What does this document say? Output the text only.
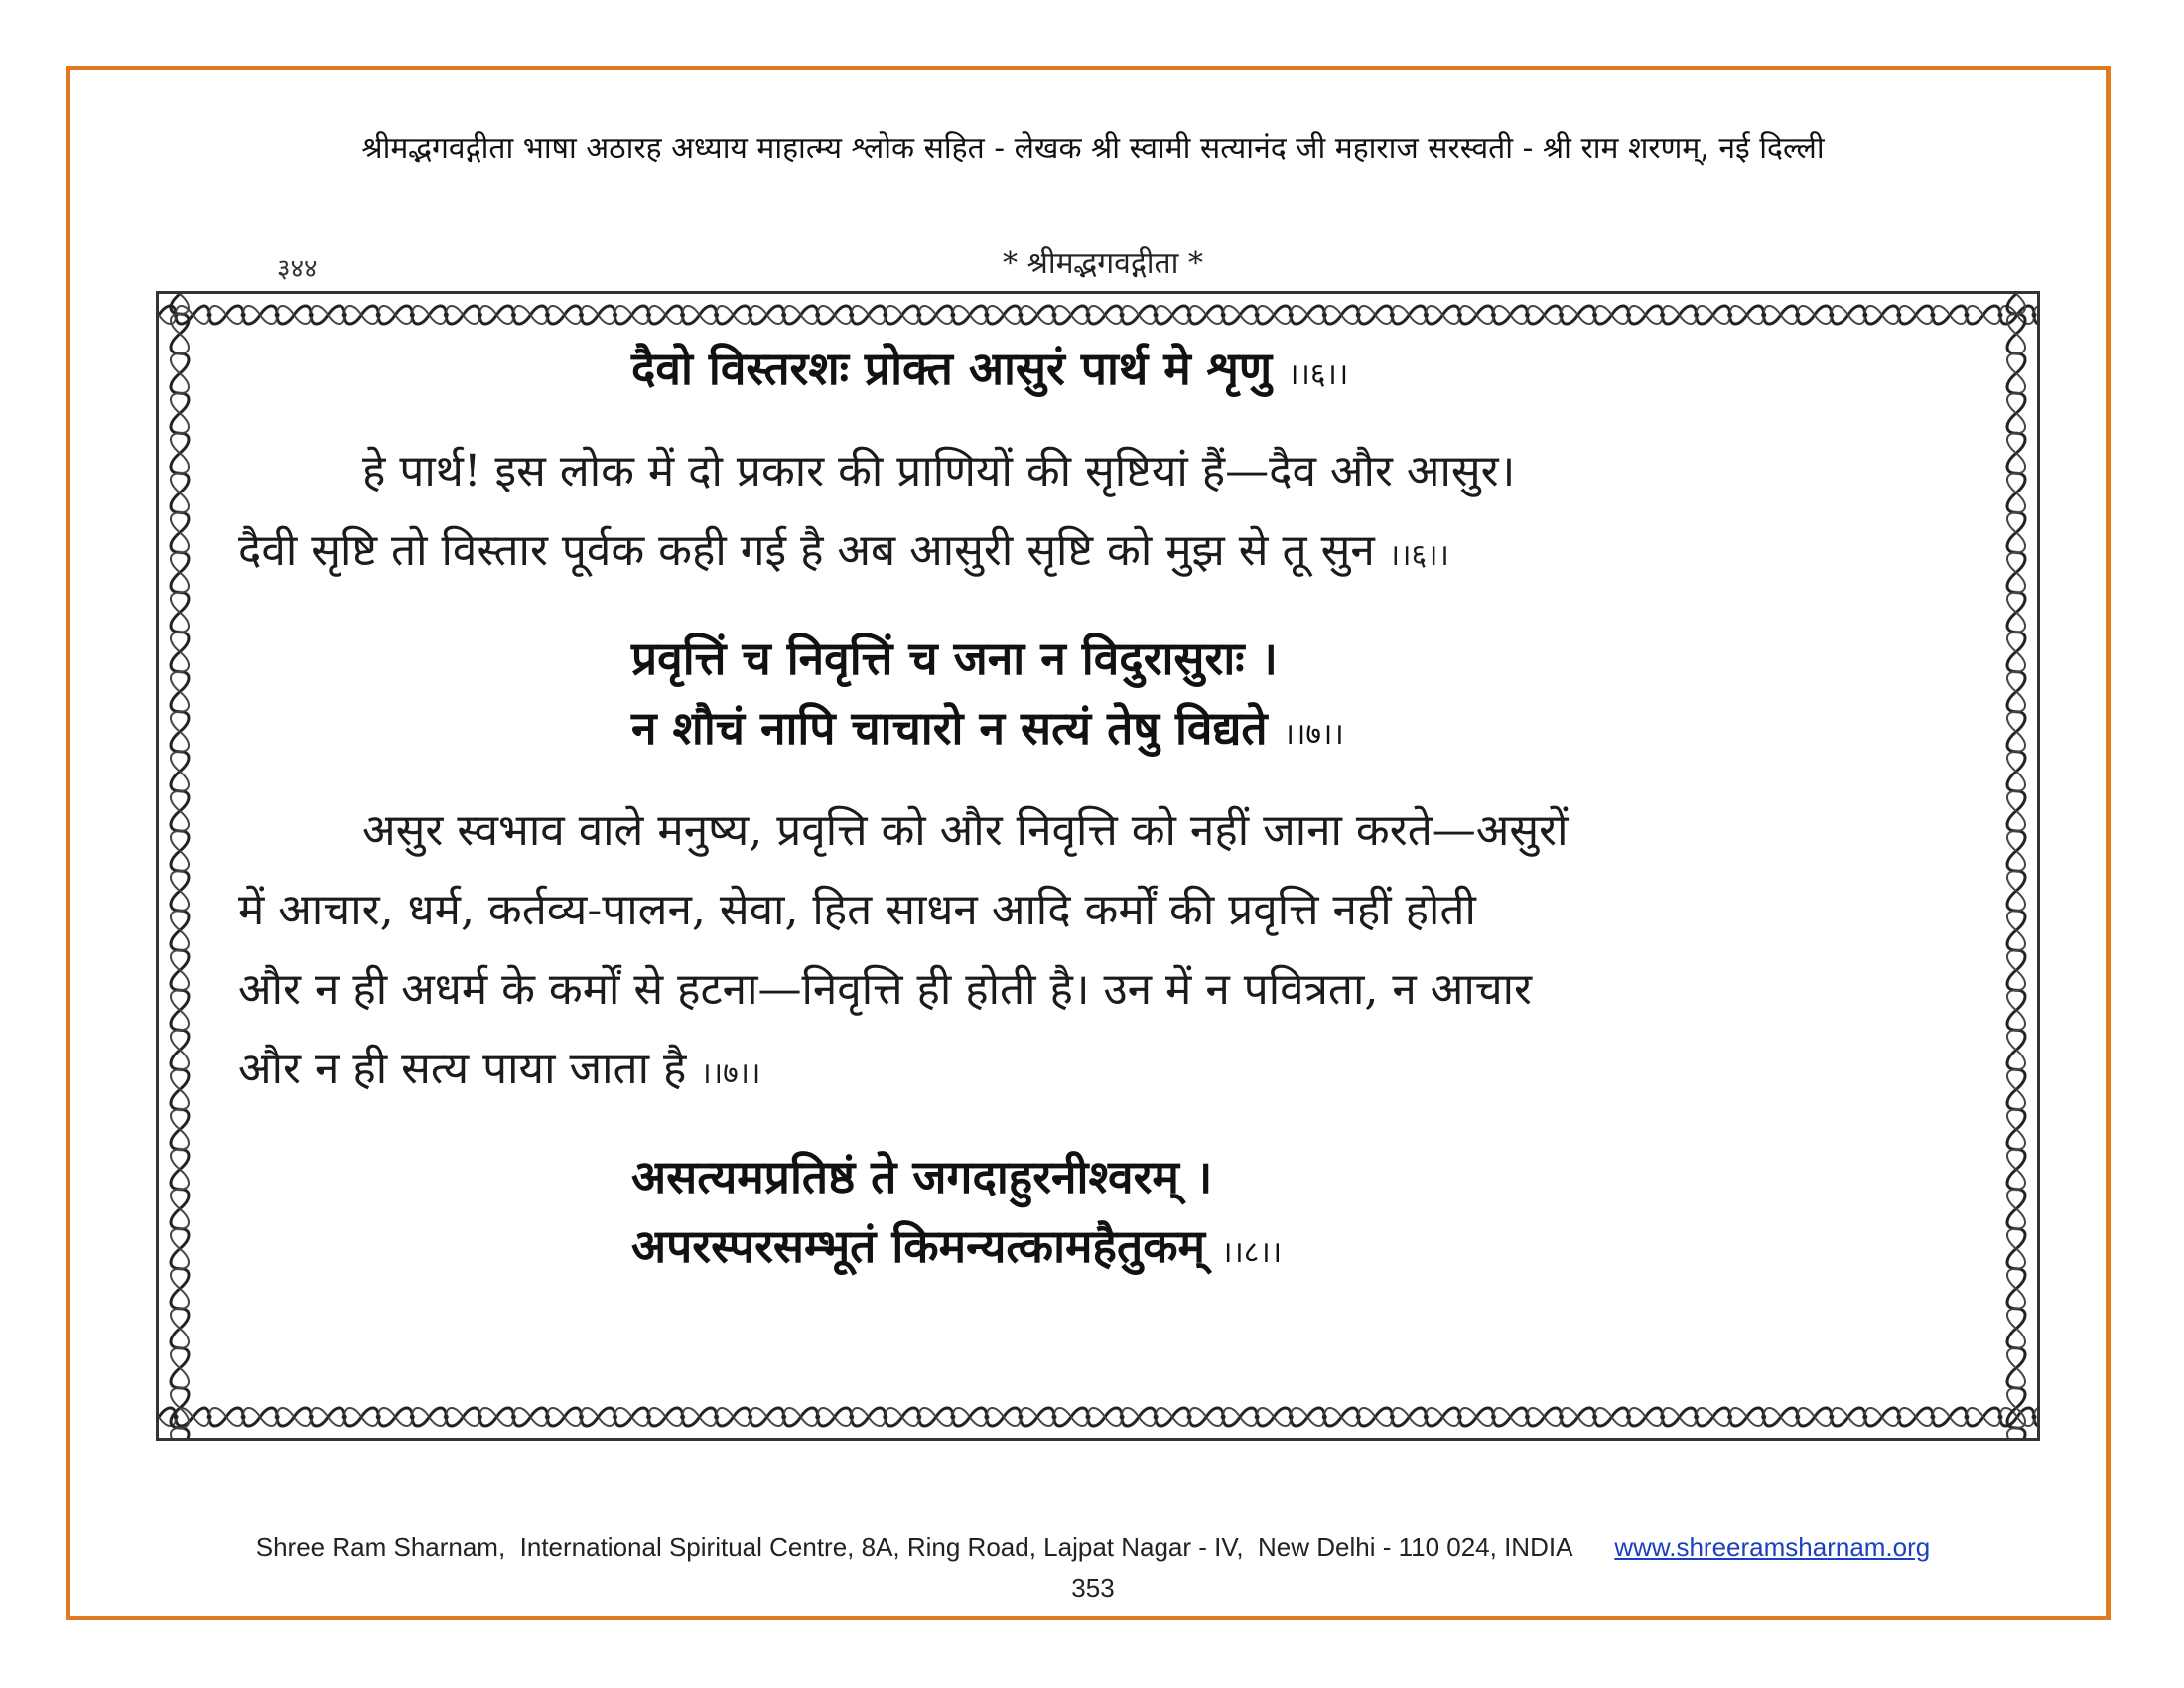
श्रीमद्भगवद्गीता भाषा अठारह अध्याय माहात्म्य श्लोक सहित - लेखक श्री स्वामी सत्यानंद जी महाराज सरस्वती - श्री राम शरणम्, नई दिल्ली
३४४	* श्रीमद्भगवद्गीता *
दैवो विस्तरशः प्रोक्त आसुरं पार्थ मे शृणु ।।६।।
हे पार्थ! इस लोक में दो प्रकार की प्राणियों की सृष्टियां हैं—दैव और आसुर।
दैवी सृष्टि तो विस्तार पूर्वक कही गई है अब आसुरी सृष्टि को मुझ से तू सुन ।।६।।
प्रवृत्तिं च निवृत्तिं च जना न विदुरासुराः ।
न शौचं नापि चाचारो न सत्यं तेषु विद्यते ।।७।।
असुर स्वभाव वाले मनुष्य, प्रवृत्ति को और निवृत्ति को नहीं जाना करते—असुरों
में आचार, धर्म, कर्तव्य-पालन, सेवा, हित साधन आदि कर्मों की प्रवृत्ति नहीं होती
और न ही अधर्म के कर्मों से हटना—निवृत्ति ही होती है। उन में न पवित्रता, न आचार
और न ही सत्य पाया जाता है ।।७।।
असत्यमप्रतिष्ठं ते जगदाहुरनीश्वरम् ।
अपरस्परसम्भूतं किमन्यत्कामहैतुकम् ।।८।।
Shree Ram Sharnam,  International Spiritual Centre, 8A, Ring Road, Lajpat Nagar - IV,  New Delhi - 110 024, INDIA www.shreeramsharnam.org
353
